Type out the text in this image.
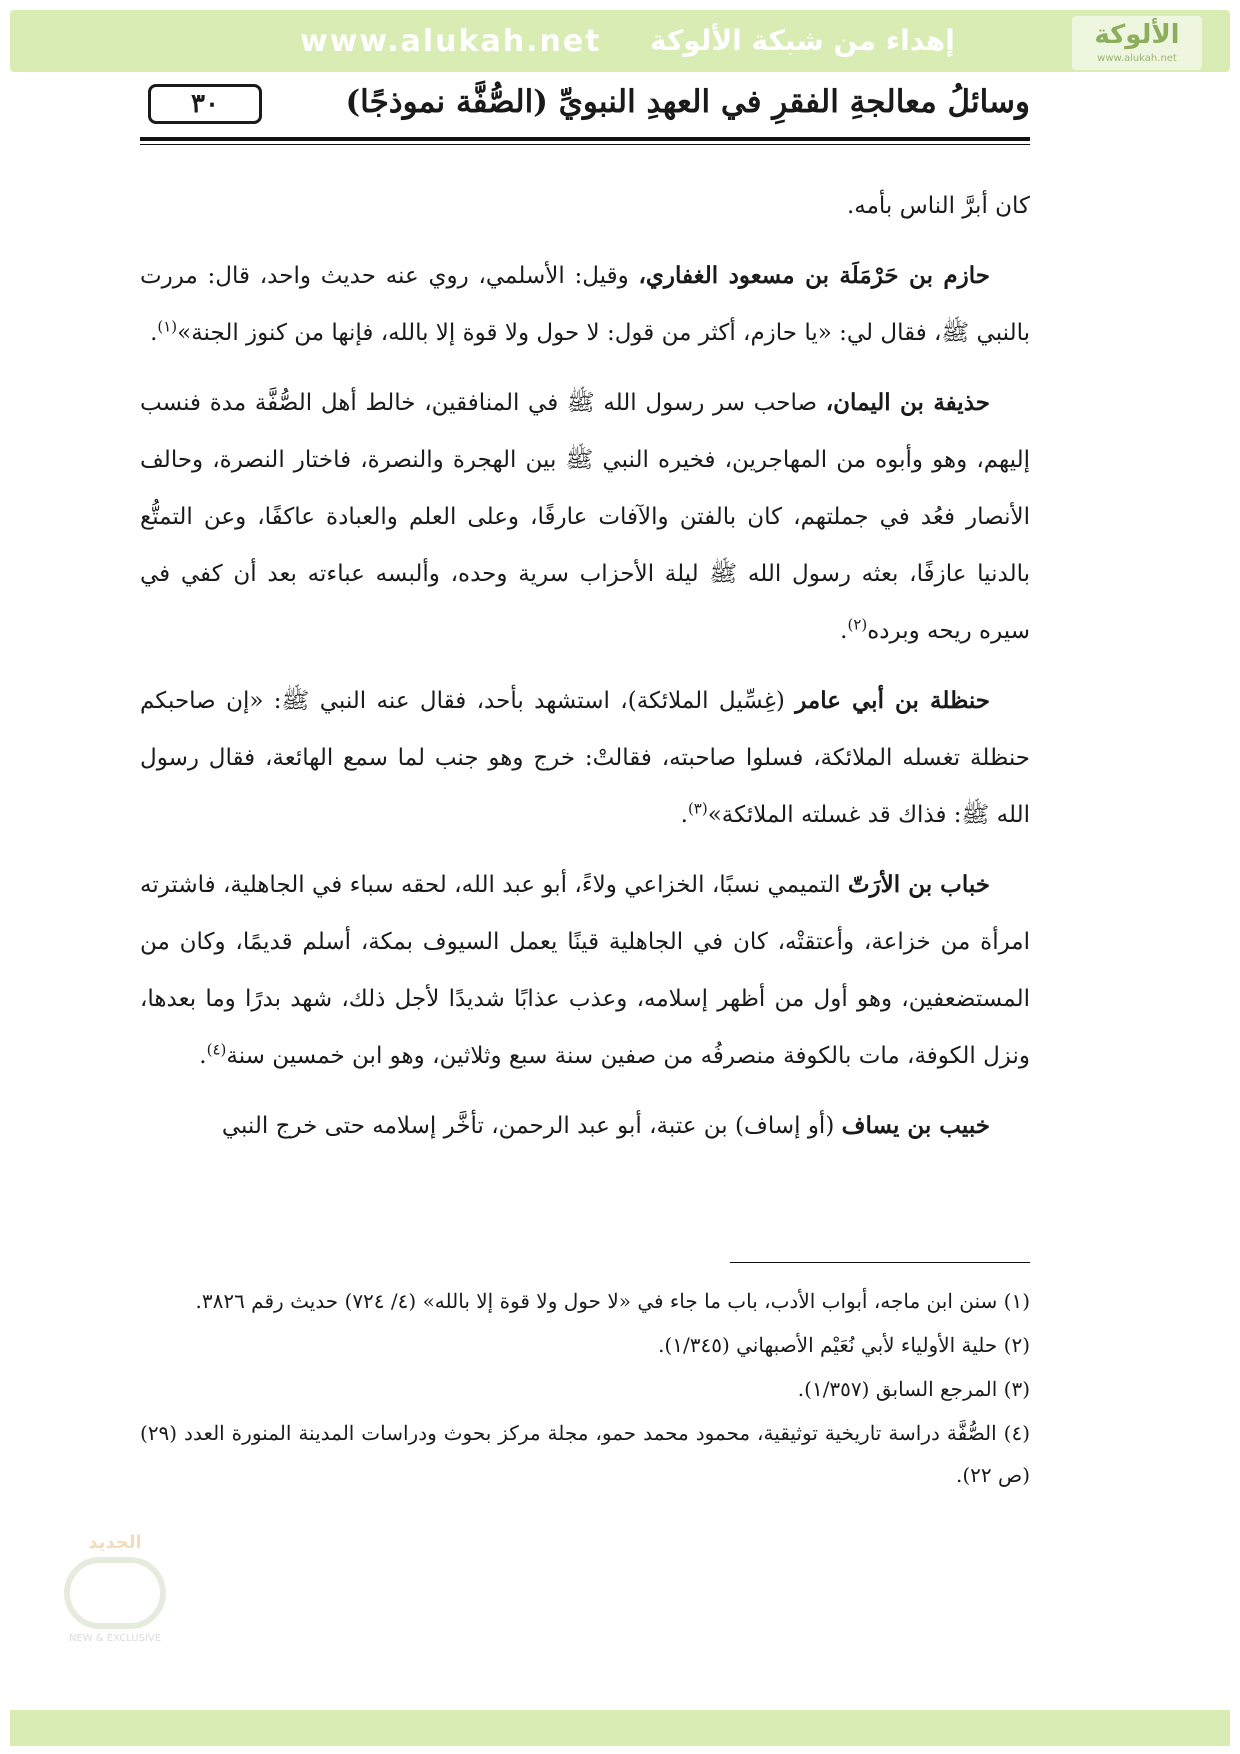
www.alukah.net إهداء من شبكة الألوكة	الألوكة
www.alukah.net
٣٠	وسائلُ معالجةِ الفقرِ في العهدِ النبويِّ (الصُّفَّة نموذجًا)

كان أبرَّ الناس بأمه.

حازم بن حَرْمَلَة بن مسعود الغفاري، وقيل: الأسلمي، روي عنه حديث واحد، قال: مررت بالنبي ﷺ، فقال لي: «يا حازم، أكثر من قول: لا حول ولا قوة إلا بالله، فإنها من كنوز الجنة»$^{(١)}$.

حذيفة بن اليمان، صاحب سر رسول الله ﷺ في المنافقين، خالط أهل الصُّفَّة مدة فنسب إليهم، وهو وأبوه من المهاجرين، فخيره النبي ﷺ بين الهجرة والنصرة، فاختار النصرة، وحالف الأنصار فعُد في جملتهم، كان بالفتن والآفات عارفًا، وعلى العلم والعبادة عاكفًا، وعن التمتُّع بالدنيا عازفًا، بعثه رسول الله ﷺ ليلة الأحزاب سرية وحده، وألبسه عباءته بعد أن كفي في سيره ريحه وبرده$^{(٢)}$.

حنظلة بن أبي عامر (غِسِّيل الملائكة)، استشهد بأحد، فقال عنه النبي ﷺ: «إن صاحبكم حنظلة تغسله الملائكة، فسلوا صاحبته، فقالتْ: خرج وهو جنب لما سمع الهائعة، فقال رسول الله ﷺ: فذاك قد غسلته الملائكة»$^{(٣)}$.

خباب بن الأرَتّ التميمي نسبًا، الخزاعي ولاءً، أبو عبد الله، لحقه سباء في الجاهلية، فاشترته امرأة من خزاعة، وأعتقتْه، كان في الجاهلية قينًا يعمل السيوف بمكة، أسلم قديمًا، وكان من المستضعفين، وهو أول من أظهر إسلامه، وعذب عذابًا شديدًا لأجل ذلك، شهد بدرًا وما بعدها، ونزل الكوفة، مات بالكوفة منصرفُه من صفين سنة سبع وثلاثين، وهو ابن خمسين سنة$^{(٤)}$.

خبيب بن يساف (أو إساف) بن عتبة، أبو عبد الرحمن، تأخَّر إسلامه حتى خرج النبي

(١) سنن ابن ماجه، أبواب الأدب، باب ما جاء في «لا حول ولا قوة إلا بالله» (٤/ ٧٢٤) حديث رقم ٣٨٢٦.

(٢) حلية الأولياء لأبي نُعَيْم الأصبهاني (١/٣٤٥).

(٣) المرجع السابق (١/٣٥٧).

(٤) الصُّفَّة دراسة تاريخية توثيقية، محمود محمد حمو، مجلة مركز بحوث ودراسات المدينة المنورة العدد (٢٩) (ص ٢٢).

الجديد
NEW & EXCLUSIVE
